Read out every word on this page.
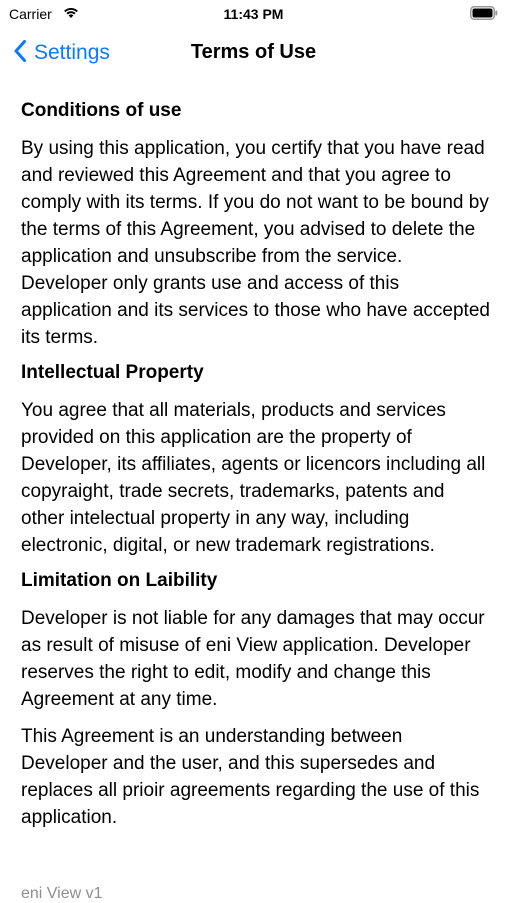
Carrier	11:43 PM
Settings	Terms of Use
Conditions of use

By using this application, you certify that you have read and reviewed this Agreement and that you agree to comply with its terms. If you do not want to be bound by the terms of this Agreement, you advised to delete the application and unsubscribe from the service. Developer only grants use and access of this application and its services to those who have accepted its terms.

Intellectual Property

You agree that all materials, products and services provided on this application are the property of Developer, its affiliates, agents or licencors including all copyraight, trade secrets, trademarks, patents and other intelectual property in any way, including electronic, digital, or new trademark registrations.

Limitation on Laibility

Developer is not liable for any damages that may occur as result of misuse of eni View application. Developer reserves the right to edit, modify and change this Agreement at any time.

This Agreement is an understanding between Developer and the user, and this supersedes and replaces all prioir agreements regarding the use of this application.

eni View v1
